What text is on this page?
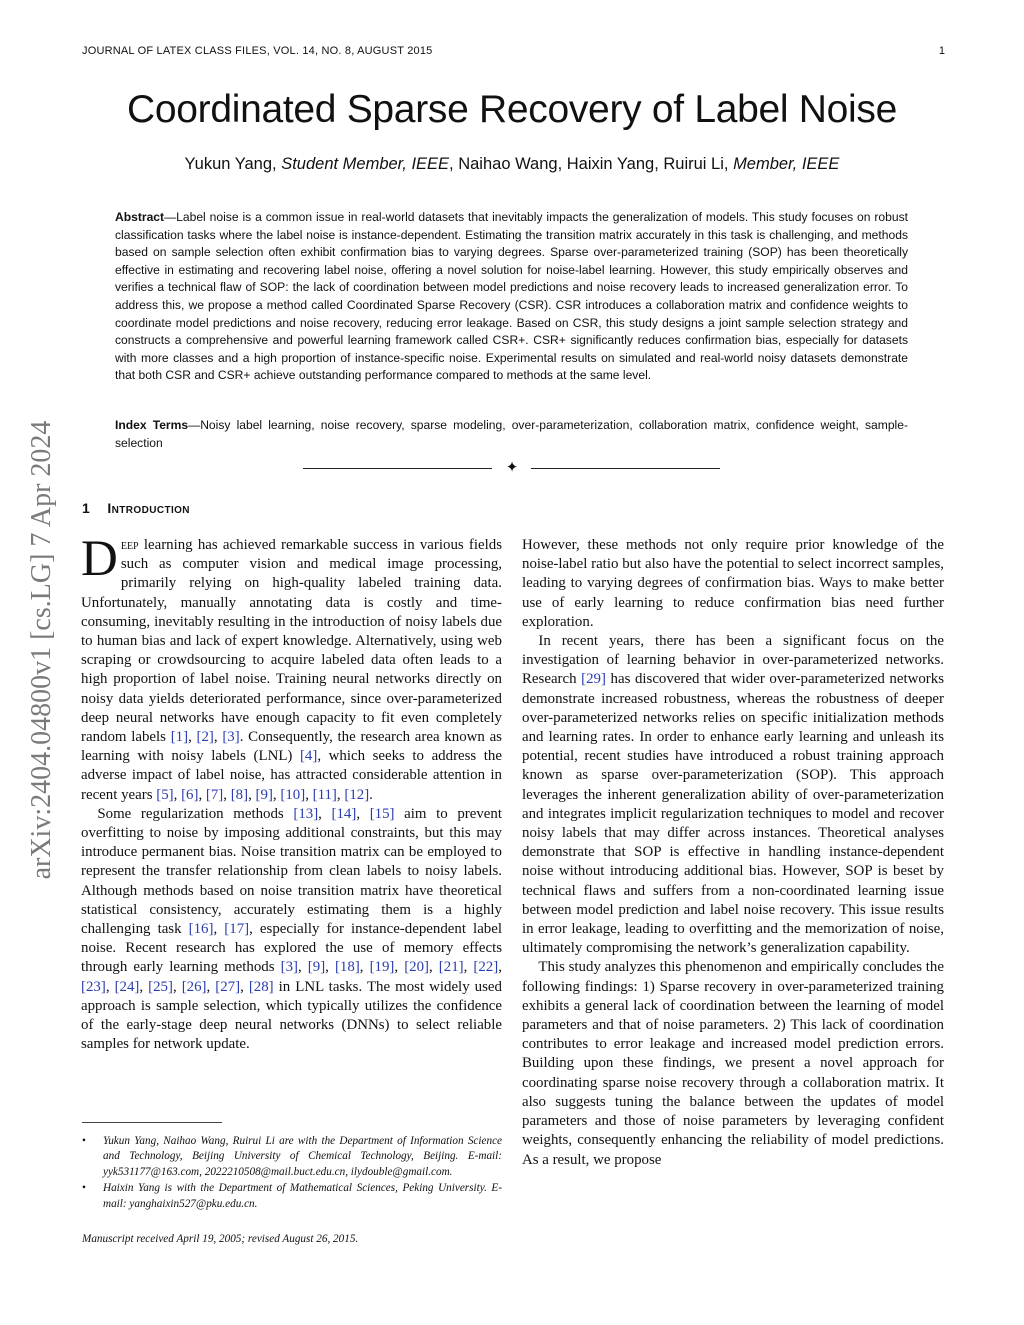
JOURNAL OF LATEX CLASS FILES, VOL. 14, NO. 8, AUGUST 2015	1
arXiv:2404.04800v1 [cs.LG] 7 Apr 2024
Coordinated Sparse Recovery of Label Noise
Yukun Yang, Student Member, IEEE, Naihao Wang, Haixin Yang, Ruirui Li, Member, IEEE
Abstract—Label noise is a common issue in real-world datasets that inevitably impacts the generalization of models. This study focuses on robust classification tasks where the label noise is instance-dependent. Estimating the transition matrix accurately in this task is challenging, and methods based on sample selection often exhibit confirmation bias to varying degrees. Sparse over-parameterized training (SOP) has been theoretically effective in estimating and recovering label noise, offering a novel solution for noise-label learning. However, this study empirically observes and verifies a technical flaw of SOP: the lack of coordination between model predictions and noise recovery leads to increased generalization error. To address this, we propose a method called Coordinated Sparse Recovery (CSR). CSR introduces a collaboration matrix and confidence weights to coordinate model predictions and noise recovery, reducing error leakage. Based on CSR, this study designs a joint sample selection strategy and constructs a comprehensive and powerful learning framework called CSR+. CSR+ significantly reduces confirmation bias, especially for datasets with more classes and a high proportion of instance-specific noise. Experimental results on simulated and real-world noisy datasets demonstrate that both CSR and CSR+ achieve outstanding performance compared to methods at the same level.
Index Terms—Noisy label learning, noise recovery, sparse modeling, over-parameterization, collaboration matrix, confidence weight, sample-selection
✦
1 Introduction

Deep learning has achieved remarkable success in various fields such as computer vision and medical image processing, primarily relying on high-quality labeled training data. Unfortunately, manually annotating data is costly and time-consuming, inevitably resulting in the introduction of noisy labels due to human bias and lack of expert knowledge. Alternatively, using web scraping or crowdsourcing to acquire labeled data often leads to a high proportion of label noise. Training neural networks directly on noisy data yields deteriorated performance, since over-parameterized deep neural networks have enough capacity to fit even completely random labels [1], [2], [3]. Consequently, the research area known as learning with noisy labels (LNL) [4], which seeks to address the adverse impact of label noise, has attracted considerable attention in recent years [5], [6], [7], [8], [9], [10], [11], [12].

Some regularization methods [13], [14], [15] aim to prevent overfitting to noise by imposing additional constraints, but this may introduce permanent bias. Noise transition matrix can be employed to represent the transfer relationship from clean labels to noisy labels. Although methods based on noise transition matrix have theoretical statistical consistency, accurately estimating them is a highly challenging task [16], [17], especially for instance-dependent label noise. Recent research has explored the use of memory effects through early learning methods [3], [9], [18], [19], [20], [21], [22], [23], [24], [25], [26], [27], [28] in LNL tasks. The most widely used approach is sample selection, which typically utilizes the confidence of the early-stage deep neural networks (DNNs) to select reliable samples for network update.

• Yukun Yang, Naihao Wang, Ruirui Li are with the Department of Information Science and Technology, Beijing University of Chemical Technology, Beijing. E-mail: yyk531177@163.com, 2022210508@mail.buct.edu.cn, ilydouble@gmail.com.
• Haixin Yang is with the Department of Mathematical Sciences, Peking University. E-mail: yanghaixin527@pku.edu.cn.
Manuscript received April 19, 2005; revised August 26, 2015.

However, these methods not only require prior knowledge of the noise-label ratio but also have the potential to select incorrect samples, leading to varying degrees of confirmation bias. Ways to make better use of early learning to reduce confirmation bias need further exploration.

In recent years, there has been a significant focus on the investigation of learning behavior in over-parameterized networks. Research [29] has discovered that wider over-parameterized networks demonstrate increased robustness, whereas the robustness of deeper over-parameterized networks relies on specific initialization methods and learning rates. In order to enhance early learning and unleash its potential, recent studies have introduced a robust training approach known as sparse over-parameterization (SOP). This approach leverages the inherent generalization ability of over-parameterization and integrates implicit regularization techniques to model and recover noisy labels that may differ across instances. Theoretical analyses demonstrate that SOP is effective in handling instance-dependent noise without introducing additional bias. However, SOP is beset by technical flaws and suffers from a non-coordinated learning issue between model prediction and label noise recovery. This issue results in error leakage, leading to overfitting and the memorization of noise, ultimately compromising the network’s generalization capability.

This study analyzes this phenomenon and empirically concludes the following findings: 1) Sparse recovery in over-parameterized training exhibits a general lack of coordination between the learning of model parameters and that of noise parameters. 2) This lack of coordination contributes to error leakage and increased model prediction errors. Building upon these findings, we present a novel approach for coordinating sparse noise recovery through a collaboration matrix. It also suggests tuning the balance between the updates of model parameters and those of noise parameters by leveraging confident weights, consequently enhancing the reliability of model predictions. As a result, we propose
